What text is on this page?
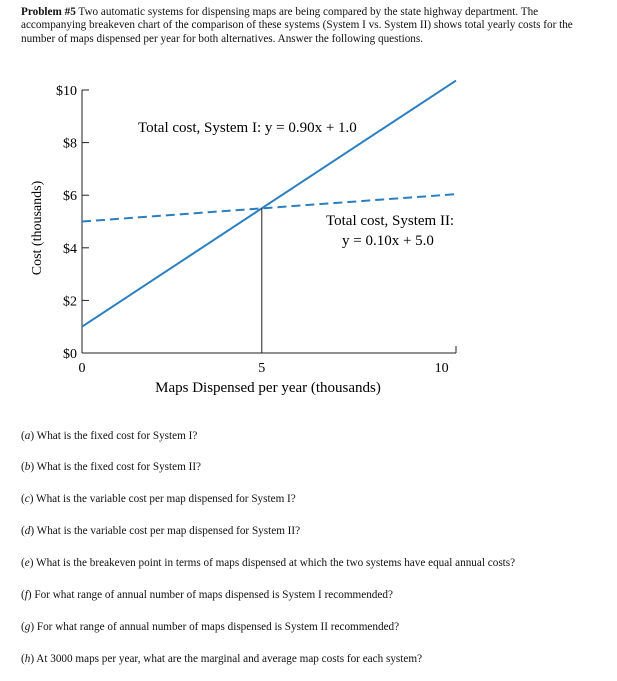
Problem #5 Two automatic systems for dispensing maps are being compared by the state highway department. The accompanying breakeven chart of the comparison of these systems (System I vs. System II) shows total yearly costs for the number of maps dispensed per year for both alternatives. Answer the following questions.
$0
$2
$4
$6
$8
$10
0	5	10
Cost (thousands)
Maps Dispensed per year (thousands)
Total cost, System I: y = 0.90x + 1.0
Total cost, System II:
y = 0.10x + 5.0
(a) What is the fixed cost for System I?
(b) What is the fixed cost for System II?
(c) What is the variable cost per map dispensed for System I?
(d) What is the variable cost per map dispensed for System II?
(e) What is the breakeven point in terms of maps dispensed at which the two systems have equal annual costs?
(f) For what range of annual number of maps dispensed is System I recommended?
(g) For what range of annual number of maps dispensed is System II recommended?
(h) At 3000 maps per year, what are the marginal and average map costs for each system?
